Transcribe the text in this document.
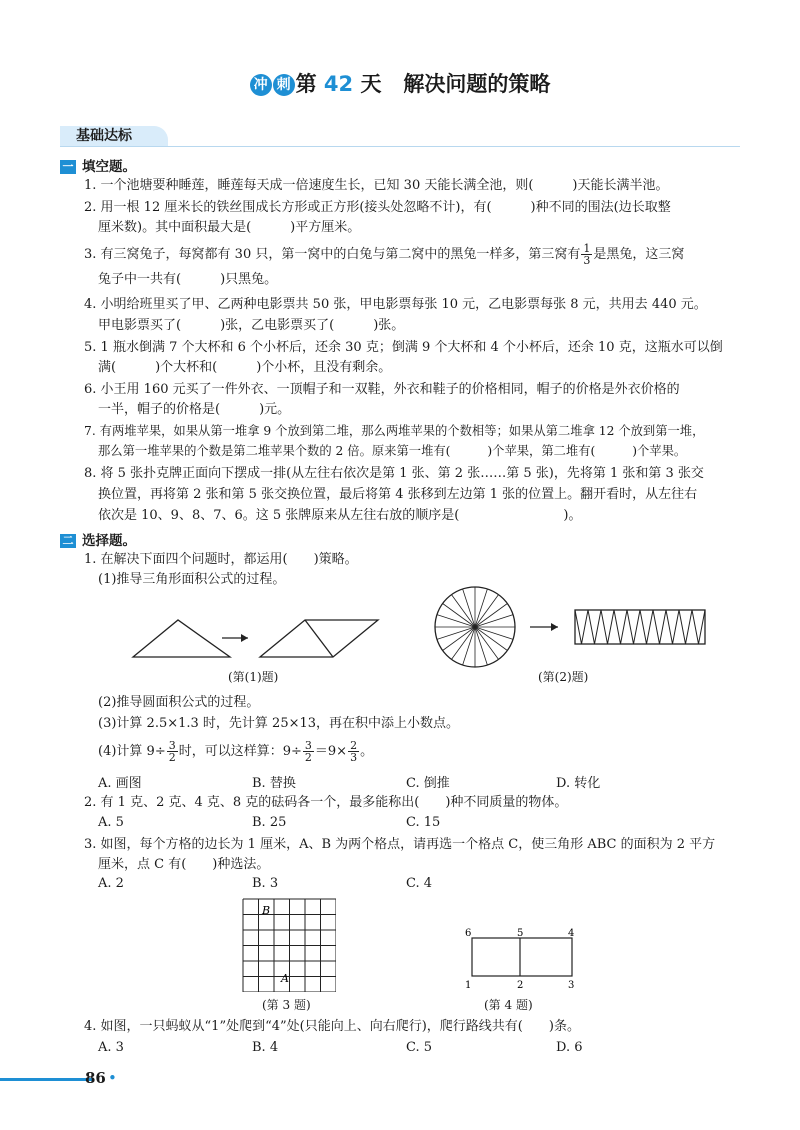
冲 刺 第 42 天 解决问题的策略
基础达标
一 填空题。
1. 一个池塘要种睡莲，睡莲每天成一倍速度生长，已知 30 天能长满全池，则(　　　)天能长满半池。
2. 用一根 12 厘米长的铁丝围成长方形或正方形(接头处忽略不计)，有(　　　)种不同的围法(边长取整
厘米数)。其中面积最大是(　　　)平方厘米。
3. 有三窝兔子，每窝都有 30 只，第一窝中的白兔与第二窝中的黑兔一样多，第三窝有 $\frac{1}{3}$ 是黑兔，这三窝
兔子中一共有(　　　)只黑兔。
4. 小明给班里买了甲、乙两种电影票共 50 张，甲电影票每张 10 元，乙电影票每张 8 元，共用去 440 元。
甲电影票买了(　　　)张，乙电影票买了(　　　)张。
5. 1 瓶水倒满 7 个大杯和 6 个小杯后，还余 30 克；倒满 9 个大杯和 4 个小杯后，还余 10 克，这瓶水可以倒
满(　　　)个大杯和(　　　)个小杯，且没有剩余。
6. 小王用 160 元买了一件外衣、一顶帽子和一双鞋，外衣和鞋子的价格相同，帽子的价格是外衣价格的
一半，帽子的价格是(　　　)元。
7. 有两堆苹果，如果从第一堆拿 9 个放到第二堆，那么两堆苹果的个数相等；如果从第二堆拿 12 个放到第一堆，
那么第一堆苹果的个数是第二堆苹果个数的 2 倍。原来第一堆有(　　　)个苹果，第二堆有(　　　)个苹果。
8. 将 5 张扑克牌正面向下摆成一排(从左往右依次是第 1 张、第 2 张……第 5 张)，先将第 1 张和第 3 张交
换位置，再将第 2 张和第 5 张交换位置，最后将第 4 张移到左边第 1 张的位置上。翻开看时，从左往右
依次是 10、9、8、7、6。这 5 张牌原来从左往右放的顺序是(　　　　　　　　)。
二 选择题。
1. 在解决下面四个问题时，都运用(　　)策略。
(1)推导三角形面积公式的过程。
(第(1)题)	(第(2)题)
(2)推导圆面积公式的过程。
(3)计算 2.5×1.3 时，先计算 25×13，再在积中添上小数点。
(4)计算 $9\div \frac{3}{2}$ 时，可以这样算：$9\div \frac{3}{2} =9\times \frac{2}{3}$ 。
A. 画图	B. 替换	C. 倒推	D. 转化
2. 有 1 克、2 克、4 克、8 克的砝码各一个，最多能称出(　　)种不同质量的物体。
A. 5	B. 25	C. 15
3. 如图，每个方格的边长为 1 厘米，A、B 为两个格点，请再选一个格点 C，使三角形 ABC 的面积为 2 平方
厘米，点 C 有(　　)种选法。
A. 2	B. 3	C. 4
B
A
(第 3 题)
6	5	4
1	2	3
(第 4 题)
4. 如图，一只蚂蚁从“1”处爬到“4”处(只能向上、向右爬行)，爬行路线共有(　　)条。
A. 3	B. 4	C. 5	D. 6
86 •
